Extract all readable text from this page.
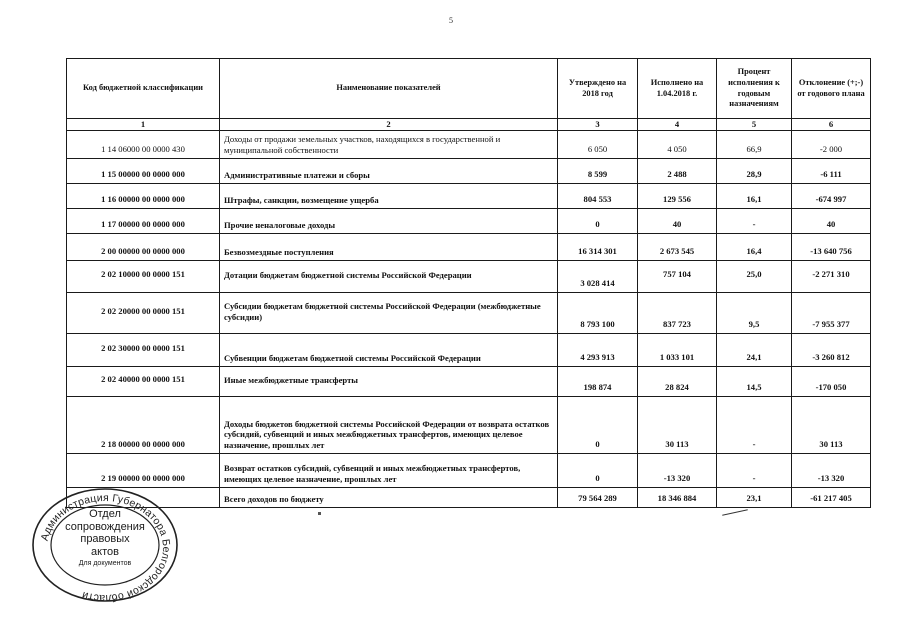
5
Код бюджетной классификации	Наименование показателей	Утверждено на 2018 год	Исполнено на 1.04.2018 г.	Процент исполнения к годовым назначениям	Отклонение (+;-) от годового плана
1	2	3	4	5	6
1 14 06000 00 0000 430	Доходы от продажи земельных участков, находящихся в государственной и муниципальной собственности	6 050	4 050	66,9	-2 000
1 15 00000 00 0000 000	Административные платежи и сборы	8 599	2 488	28,9	-6 111
1 16 00000 00 0000 000	Штрафы, санкции, возмещение ущерба	804 553	129 556	16,1	-674 997
1 17 00000 00 0000 000	Прочие неналоговые доходы	0	40	-	40
2 00 00000 00 0000 000	Безвозмездные поступления	16 314 301	2 673 545	16,4	-13 640 756
2 02 10000 00 0000 151	Дотации бюджетам бюджетной системы Российской Федерации	3 028 414	757 104	25,0	-2 271 310
2 02 20000 00 0000 151	Субсидии бюджетам бюджетной системы Российской Федерации (межбюджетные субсидии)	8 793 100	837 723	9,5	-7 955 377
2 02 30000 00 0000 151	Субвенции бюджетам бюджетной системы Российской Федерации	4 293 913	1 033 101	24,1	-3 260 812
2 02 40000 00 0000 151	Иные межбюджетные трансферты	198 874	28 824	14,5	-170 050
2 18 00000 00 0000 000	Доходы бюджетов бюджетной системы Российской Федерации от возврата остатков субсидий, субвенций и иных межбюджетных трансфертов, имеющих целевое назначение, прошлых лет	0	30 113	-	30 113
2 19 00000 00 0000 000	Возврат остатков субсидий, субвенций и иных межбюджетных трансфертов, имеющих целевое назначение, прошлых лет	0	-13 320	-	-13 320
	Всего доходов по бюджету	79 564 289	18 346 884	23,1	-61 217 405
Администрация Губернатора Белгородской области
Отдел
сопровождения
правовых
актов
Для документов
